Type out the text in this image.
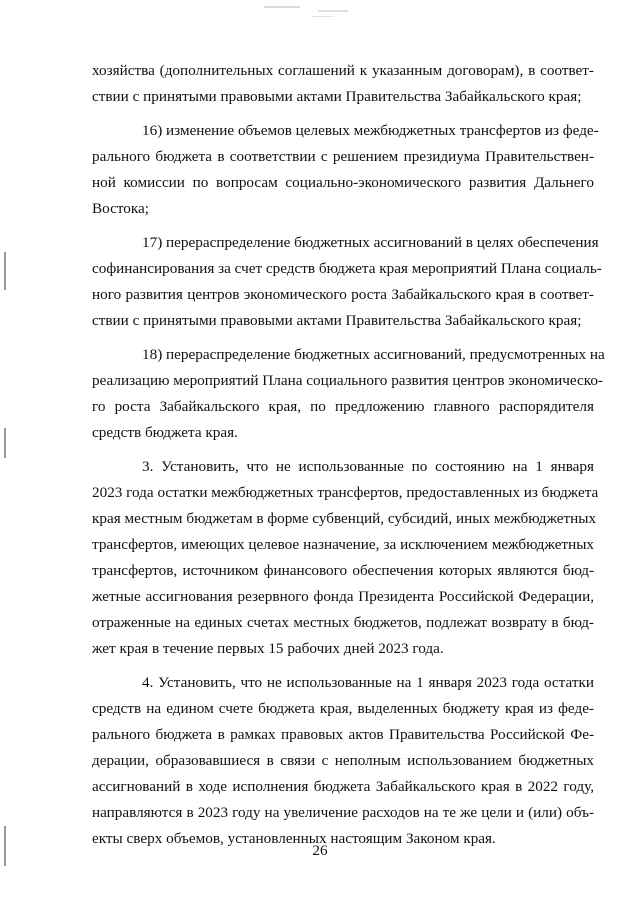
хозяйства (дополнительных соглашений к указанным договорам), в соответ-
ствии с принятыми правовыми актами Правительства Забайкальского края;

16) изменение объемов целевых межбюджетных трансфертов из феде-
рального бюджета в соответствии с решением президиума Правительствен-
ной комиссии по вопросам социально-экономического развития Дальнего
Востока;

17) перераспределение бюджетных ассигнований в целях обеспечения
софинансирования за счет средств бюджета края мероприятий Плана социаль-
ного развития центров экономического роста Забайкальского края в соответ-
ствии с принятыми правовыми актами Правительства Забайкальского края;

18) перераспределение бюджетных ассигнований, предусмотренных на
реализацию мероприятий Плана социального развития центров экономическо-
го роста Забайкальского края, по предложению главного распорядителя
средств бюджета края.

3. Установить, что не использованные по состоянию на 1 января
2023 года остатки межбюджетных трансфертов, предоставленных из бюджета
края местным бюджетам в форме субвенций, субсидий, иных межбюджетных
трансфертов, имеющих целевое назначение, за исключением межбюджетных
трансфертов, источником финансового обеспечения которых являются бюд-
жетные ассигнования резервного фонда Президента Российской Федерации,
отраженные на единых счетах местных бюджетов, подлежат возврату в бюд-
жет края в течение первых 15 рабочих дней 2023 года.

4. Установить, что не использованные на 1 января 2023 года остатки
средств на едином счете бюджета края, выделенных бюджету края из феде-
рального бюджета в рамках правовых актов Правительства Российской Фе-
дерации, образовавшиеся в связи с неполным использованием бюджетных
ассигнований в ходе исполнения бюджета Забайкальского края в 2022 году,
направляются в 2023 году на увеличение расходов на те же цели и (или) объ-
екты сверх объемов, установленных настоящим Законом края.

26
